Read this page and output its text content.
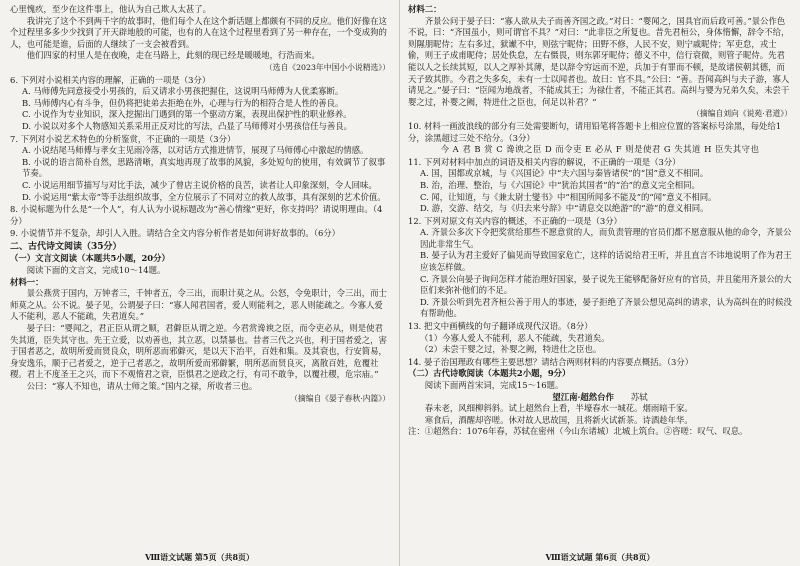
心里愧疚，至少在这件事上，他认为自己欺人太甚了。

我讲完了这个不到两千字的故事时，他们每个人在这个新话题上都颇有不同的反应。他们好像在这个过程里多多少少找到了开天辟地般的可能，也有的人在这个过程里看到了另一种存在，一个变成狗的人，也可能是谁，后面的人继续了一支会被看到。

他们四家的村里人是在夜晚，走在马路上，此刻的现已经是暖暖地，行浩而来。

（选自《2023年中国小小说精选》）

6. 下列对小说相关内容的理解，正确的一项是（3分）

A. 马师傅先同意接受小男孩的，后又请求小男孩把握住，这说明马师傅为人优柔寡断。

B. 马师傅内心有斗争，但仍将把徒弟去拒绝在外，心理与行为的相符合是人性的善良。

C. 小说作为专业知识，深入挖掘出门遇到的第一个驱动方案，表现出保护性的职业修养。

D. 小说以对多个人物感知关系采用正反对比的写法，凸显了马师傅对小男孩信任与善良。

7. 下列对小说艺术特色的分析鉴赏，不正确的一项是（3分）

A. 小说结尾马师傅与孝女主见雨冷落，以对话方式推进情节，展现了马师傅心中激起的情感。

B. 小说的语言简朴自然，思路清晰，真实地再现了故事的风貌，多处短句的使用，有效调节了叙事节奏。

C. 小说运用细节描写与对比手法，减少了曾店主说价格的良苦，读者让人印象深刻，令人回味。

D. 小说运用“紫太帝”等手法组织故事，全方位展示了不同对立的救人故事，具有深刻的艺术价值。

8. 小说标题为什么是“一个人”，有人认为小说标题改为“善心情缘”更好，你支持吗？请说明理由。（4分）

9. 小说情节并不复杂，却引人入胜。请结合全文内容分析作者是如何讲好故事的。（6分）

二、古代诗文阅读（35分）

（一）文言文阅读（本题共5小题，20分）

阅读下面的文言文，完成10～14题。

材料一：

景公燕赏于国内，万钟者三，千钟者五，令三出，而职计莫之从。公怒，令免职计，令三出，而士师莫之从。公不说。晏子见，公谓晏子曰：“寡人闻君国者，爱人则能利之，恶人则能疏之。今寡人爱人不能利，恶人不能疏，失君道矣。”

晏子曰：“婴闻之，君正臣从谓之顺，君僻臣从谓之逆。今君赏谗谀之臣，而令吏必从，则是使君失其道，臣失其守也。先王立爱，以劝善也，其立恶，以禁暴也。昔者三代之兴也，利于国者爱之，害于国者恶之，故明所爱而贤良众，明所恶而邪僻灭，是以天下治平，百姓和集。及其衰也，行安简易，身安逸乐，顺于己者爱之，逆于己者恶之，故明所爱而邪僻繁，明所恶而贤良灭，离散百姓，危覆社稷。君上不度圣王之兴，而下不观惰君之衰，臣惧君之逆政之行，有司不敢争，以覆社稷，危宗庙。”

公曰：“寡人不知也，请从士师之策。”国内之禄，所收者三也。

（摘编自《晏子春秋·内篇》）

材料二：

齐景公问于晏子曰：“寡人欲从夫子而善齐国之政。”对曰：“婴闻之，国具官而后政可善。”景公作色不说，曰：“齐国虽小，则可谓官不具？”对曰：“此非臣之所复也。昔先君桓公，身体惰懈，辞令不给，则隰朋昵侍；左右多过，狱谳不中，则弦宁昵侍；田野不修，人民不安，则宁戚昵侍；军吏怠，戎士偷，则王子成甫昵侍；居处佚怠，左右慑畏，则东郭牙昵侍；德义不中，信行衰微，则管子昵侍。先君能以人之长续其短，以人之厚补其薄，是以辞令穷远而不逆，兵加于有罪而不顿，是故诸侯朝其德，而天子致其胙。今君之失多矣，未有一士以闻者也。故曰：官不具。”公曰：“善。吾闻高纠与夫子游，寡人请见之。”晏子曰：“臣闻为地战者，不能成其王；为禄仕者，不能正其君。高纠与婴为兄弟久矣，未尝干婴之过，补婴之阙，特进仕之臣也，何足以补君？”

（摘编自刘向《说苑·君道》）

10. 材料一画波浪线的部分有三处需要断句，请用铅笔将答题卡上相应位置的答案标号涂黑，每处给1分，涂黑超过三处不给分。（3分）

今 A 君 B 赏 C 谗谀之臣 D 而令吏 E 必从 F 则是使君 G 失其道 H 臣失其守也

11. 下列对材料中加点的词语及相关内容的解说，不正确的一项是（3分）

A. 国，国都或京城，与《兴国论》中“夫六国与秦皆诸侯”的“国”意义不相同。

B. 治，治理、整治，与《六国论》中“犹治其国者”的“治”的意义完全相同。

C. 闻，让知道，与《兼太尉士燮书》中“相国所闻多不能及”的“闻”意义不相同。

D. 游，交游、结交，与《归去来兮辞》中“请息交以绝游”的“游”的意义相同。

12. 下列对原文有关内容的概述，不正确的一项是（3分）

A. 齐景公多次下令把奖赏给那些不愿意赏的人，而负责管理的官员们都不愿意服从他的命令，齐景公因此非常生气。

B. 晏子认为君主爱好了偏见而导致国家危亡，这样的话说给君王听，并且直言不讳地说明了作为君王应该怎样做。

C. 齐景公向晏子询问怎样才能治理好国家，晏子说先王能够配备好应有的官员，并且能用齐景公的大臣们来弥补他们的不足。

D. 齐景公听到先君齐桓公善于用人的事迹，晏子拒绝了齐景公想见高纠的请求，认为高纠在的时候没有帮助他。

13. 把文中画横线的句子翻译成现代汉语。（8分）

（1）今寡人爱人不能利，恶人不能疏，失君道矣。

（2）未尝干婴之过，补婴之阙，特进仕之臣也。

14. 晏子治国理政有哪些主要思想？请结合两则材料的内容要点概括。（3分）

（二）古代诗歌阅读（本题共2小题，9分）

阅读下面两首宋词，完成15～16题。

望江南·超然台作 苏轼

春未老，风细柳斜斜。试上超然台上看，半壕春水一城花。烟雨暗千家。

寒食后，酒醒却咨嗟。休对故人思故国，且将新火试新茶。诗酒趁年华。

注：①超然台：1076年春，苏轼在密州（今山东诸城）北城上筑台。②咨嗟：叹气、叹息。

Ⅷ语文试题 第5页（共8页）	Ⅷ语文试题 第6页（共8页）
